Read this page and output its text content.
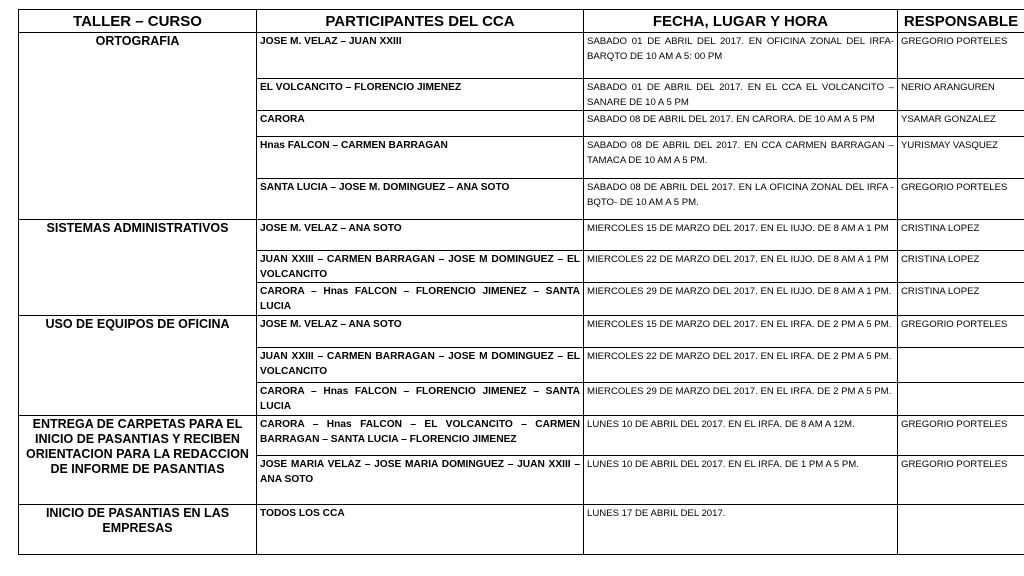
TALLER – CURSO	PARTICIPANTES DEL CCA	FECHA, LUGAR Y HORA	RESPONSABLE
ORTOGRAFIA	JOSE M. VELAZ – JUAN XXIII	SABADO 01 DE ABRIL DEL 2017. EN OFICINA ZONAL DEL IRFA-BARQTO DE 10 AM A 5: 00 PM	GREGORIO PORTELES
	EL VOLCANCITO – FLORENCIO JIMENEZ	SABADO 01 DE ABRIL DEL 2017. EN EL CCA EL VOLCANCITO – SANARE DE 10 A 5 PM	NERIO ARANGUREN
	CARORA	SABADO 08 DE ABRIL DEL 2017. EN CARORA. DE 10 AM A 5 PM	YSAMAR GONZALEZ
	Hnas FALCON – CARMEN BARRAGAN	SABADO 08 DE ABRIL DEL 2017. EN CCA CARMEN BARRAGAN – TAMACA DE 10 AM A 5 PM.	YURISMAY VASQUEZ
	SANTA LUCIA – JOSE M. DOMINGUEZ – ANA SOTO	SABADO 08 DE ABRIL DEL 2017. EN LA OFICINA ZONAL DEL IRFA -BQTO- DE 10 AM A 5 PM.	GREGORIO PORTELES
SISTEMAS ADMINISTRATIVOS	JOSE M. VELAZ – ANA SOTO	MIERCOLES 15 DE MARZO DEL 2017. EN EL IUJO. DE 8 AM A 1 PM	CRISTINA LOPEZ
	JUAN XXIII – CARMEN BARRAGAN – JOSE M DOMINGUEZ – EL VOLCANCITO	MIERCOLES 22 DE MARZO DEL 2017. EN EL IUJO. DE 8 AM A 1 PM	CRISTINA LOPEZ
	CARORA – Hnas FALCON – FLORENCIO JIMENEZ – SANTA LUCIA	MIERCOLES 29 DE MARZO DEL 2017. EN EL IUJO. DE 8 AM A 1 PM.	CRISTINA LOPEZ
USO DE EQUIPOS DE OFICINA	JOSE M. VELAZ – ANA SOTO	MIERCOLES 15 DE MARZO DEL 2017. EN EL IRFA. DE 2 PM A 5 PM.	GREGORIO PORTELES
	JUAN XXIII – CARMEN BARRAGAN – JOSE M DOMINGUEZ – EL VOLCANCITO	MIERCOLES 22 DE MARZO DEL 2017. EN EL IRFA. DE 2 PM A 5 PM.	
	CARORA – Hnas FALCON – FLORENCIO JIMENEZ – SANTA LUCIA	MIERCOLES 29 DE MARZO DEL 2017. EN EL IRFA. DE 2 PM A 5 PM.	
ENTREGA DE CARPETAS PARA EL INICIO DE PASANTIAS Y RECIBEN ORIENTACION PARA LA REDACCION DE INFORME DE PASANTIAS	CARORA – Hnas FALCON – EL VOLCANCITO – CARMEN BARRAGAN – SANTA LUCIA – FLORENCIO JIMENEZ	LUNES 10 DE ABRIL DEL 2017. EN EL IRFA. DE 8 AM A 12M.	GREGORIO PORTELES
	JOSE MARIA VELAZ – JOSE MARIA DOMINGUEZ – JUAN XXIII – ANA SOTO	LUNES 10 DE ABRIL DEL 2017. EN EL IRFA. DE 1 PM A 5 PM.	GREGORIO PORTELES
INICIO DE PASANTIAS EN LAS EMPRESAS	TODOS LOS CCA	LUNES 17 DE ABRIL DEL 2017.	
